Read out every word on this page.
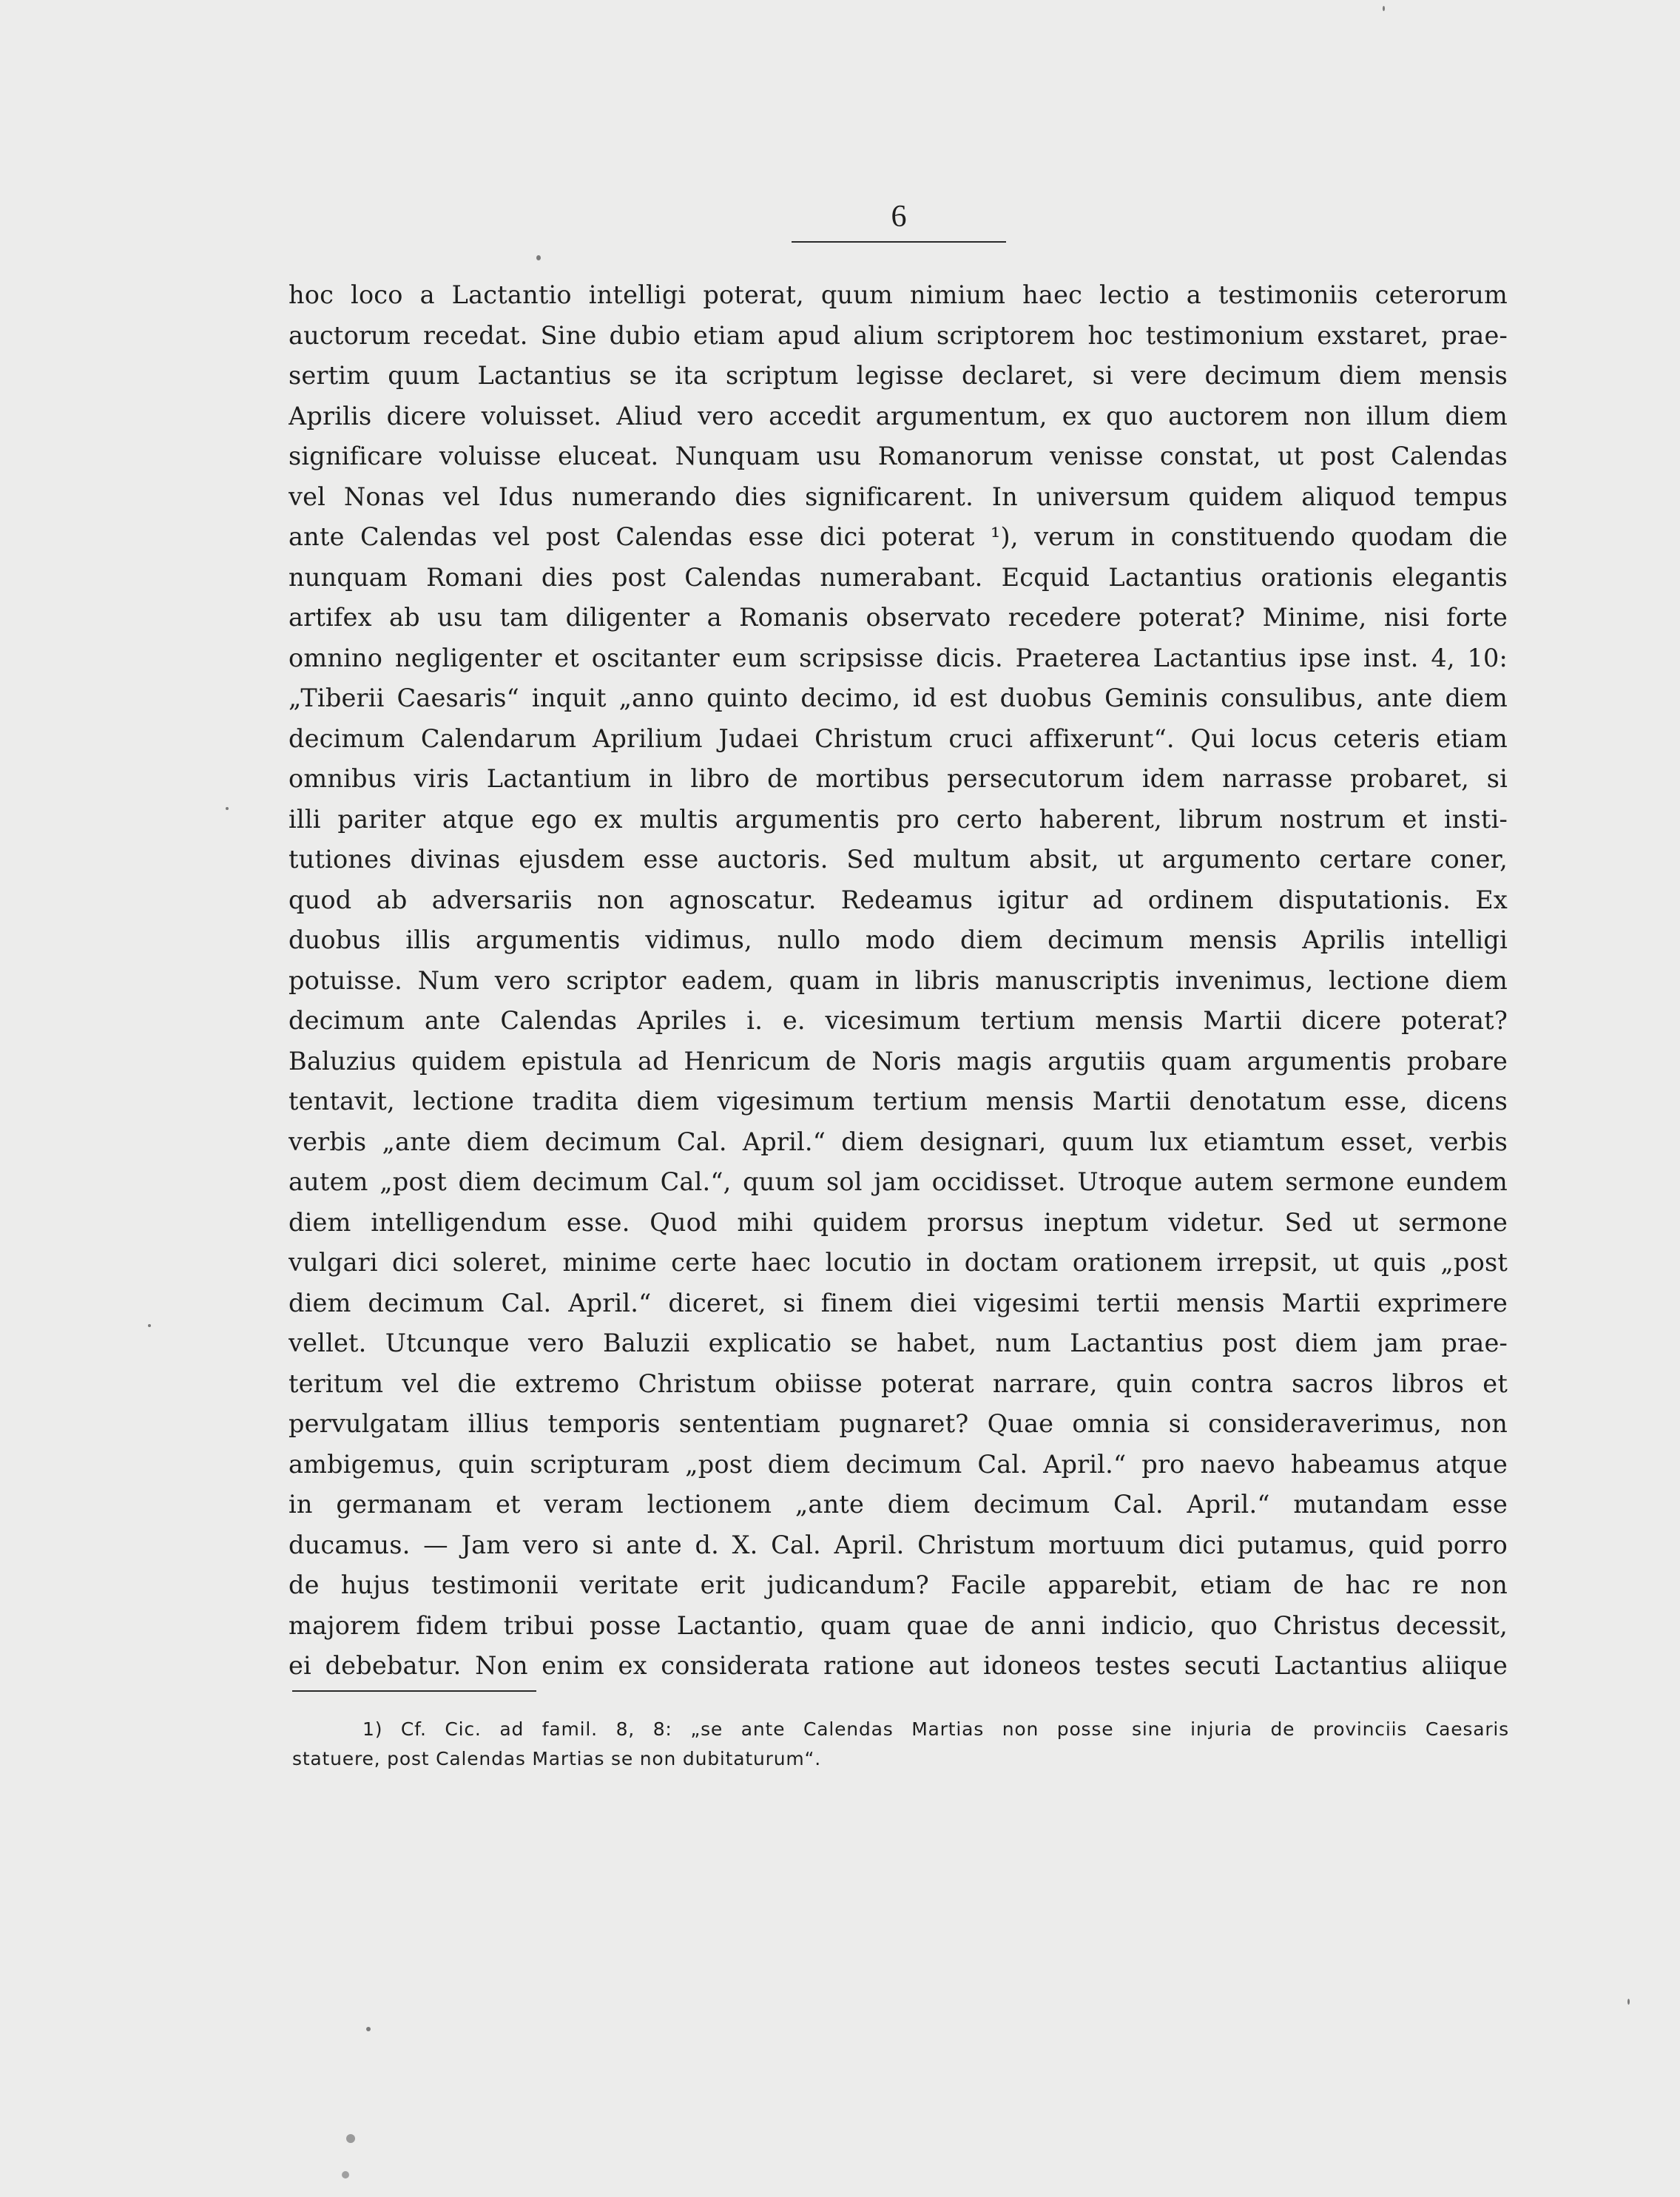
6
hoc loco a Lactantio intelligi poterat, quum nimium haec lectio a testimoniis ceterorum
auctorum recedat. Sine dubio etiam apud alium scriptorem hoc testimonium exstaret, prae-
sertim quum Lactantius se ita scriptum legisse declaret, si vere decimum diem mensis
Aprilis dicere voluisset. Aliud vero accedit argumentum, ex quo auctorem non illum diem
significare voluisse eluceat. Nunquam usu Romanorum venisse constat, ut post Calendas
vel Nonas vel Idus numerando dies significarent. In universum quidem aliquod tempus
ante Calendas vel post Calendas esse dici poterat ¹), verum in constituendo quodam die
nunquam Romani dies post Calendas numerabant. Ecquid Lactantius orationis elegantis
artifex ab usu tam diligenter a Romanis observato recedere poterat? Minime, nisi forte
omnino negligenter et oscitanter eum scripsisse dicis. Praeterea Lactantius ipse inst. 4, 10:
„Tiberii Caesaris“ inquit „anno quinto decimo, id est duobus Geminis consulibus, ante diem
decimum Calendarum Aprilium Judaei Christum cruci affixerunt“. Qui locus ceteris etiam
omnibus viris Lactantium in libro de mortibus persecutorum idem narrasse probaret, si
illi pariter atque ego ex multis argumentis pro certo haberent, librum nostrum et insti-
tutiones divinas ejusdem esse auctoris. Sed multum absit, ut argumento certare coner,
quod ab adversariis non agnoscatur. Redeamus igitur ad ordinem disputationis. Ex
duobus illis argumentis vidimus, nullo modo diem decimum mensis Aprilis intelligi
potuisse. Num vero scriptor eadem, quam in libris manuscriptis invenimus, lectione diem
decimum ante Calendas Apriles i. e. vicesimum tertium mensis Martii dicere poterat?
Baluzius quidem epistula ad Henricum de Noris magis argutiis quam argumentis probare
tentavit, lectione tradita diem vigesimum tertium mensis Martii denotatum esse, dicens
verbis „ante diem decimum Cal. April.“ diem designari, quum lux etiamtum esset, verbis
autem „post diem decimum Cal.“, quum sol jam occidisset. Utroque autem sermone eundem
diem intelligendum esse. Quod mihi quidem prorsus ineptum videtur. Sed ut sermone
vulgari dici soleret, minime certe haec locutio in doctam orationem irrepsit, ut quis „post
diem decimum Cal. April.“ diceret, si finem diei vigesimi tertii mensis Martii exprimere
vellet. Utcunque vero Baluzii explicatio se habet, num Lactantius post diem jam prae-
teritum vel die extremo Christum obiisse poterat narrare, quin contra sacros libros et
pervulgatam illius temporis sententiam pugnaret? Quae omnia si consideraverimus, non
ambigemus, quin scripturam „post diem decimum Cal. April.“ pro naevo habeamus atque
in germanam et veram lectionem „ante diem decimum Cal. April.“ mutandam esse
ducamus. — Jam vero si ante d. X. Cal. April. Christum mortuum dici putamus, quid porro
de hujus testimonii veritate erit judicandum? Facile apparebit, etiam de hac re non
majorem fidem tribui posse Lactantio, quam quae de anni indicio, quo Christus decessit,
ei debebatur. Non enim ex considerata ratione aut idoneos testes secuti Lactantius aliique
1) Cf. Cic. ad famil. 8, 8: „se ante Calendas Martias non posse sine injuria de provinciis Caesaris
statuere, post Calendas Martias se non dubitaturum“.
